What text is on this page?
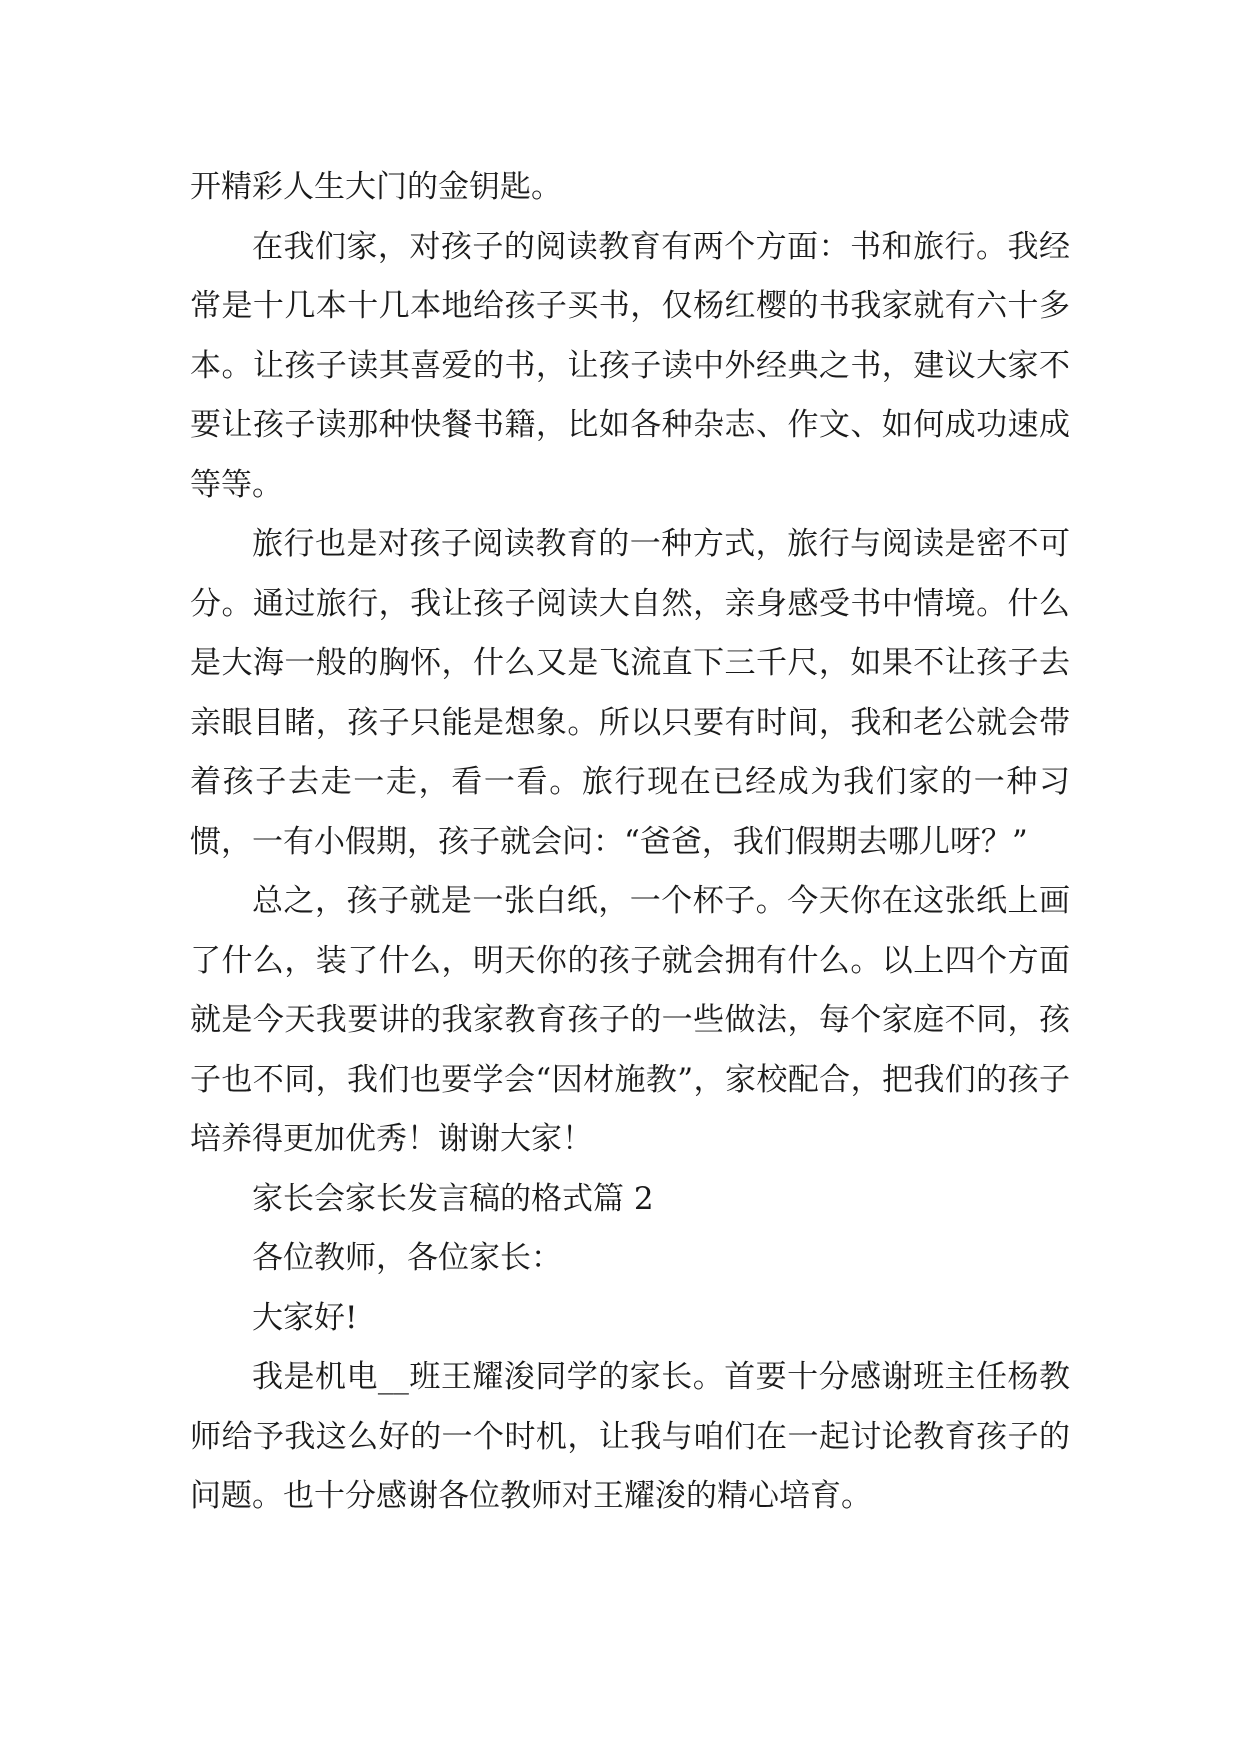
开精彩人生大门的金钥匙。

在我们家，对孩子的阅读教育有两个方面：书和旅行。我经常是十几本十几本地给孩子买书，仅杨红樱的书我家就有六十多本。让孩子读其喜爱的书，让孩子读中外经典之书，建议大家不要让孩子读那种快餐书籍，比如各种杂志、作文、如何成功速成等等。

旅行也是对孩子阅读教育的一种方式，旅行与阅读是密不可分。通过旅行，我让孩子阅读大自然，亲身感受书中情境。什么是大海一般的胸怀，什么又是飞流直下三千尺，如果不让孩子去亲眼目睹，孩子只能是想象。所以只要有时间，我和老公就会带着孩子去走一走，看一看。旅行现在已经成为我们家的一种习惯，一有小假期，孩子就会问：“爸爸，我们假期去哪儿呀？”

总之，孩子就是一张白纸，一个杯子。今天你在这张纸上画了什么，装了什么，明天你的孩子就会拥有什么。以上四个方面就是今天我要讲的我家教育孩子的一些做法，每个家庭不同，孩子也不同，我们也要学会“因材施教”，家校配合，把我们的孩子培养得更加优秀！谢谢大家！

家长会家长发言稿的格式篇 2

各位教师，各位家长：

大家好!

我是机电__班王耀浚同学的家长。首要十分感谢班主任杨教师给予我这么好的一个时机，让我与咱们在一起讨论教育孩子的问题。也十分感谢各位教师对王耀浚的精心培育。
